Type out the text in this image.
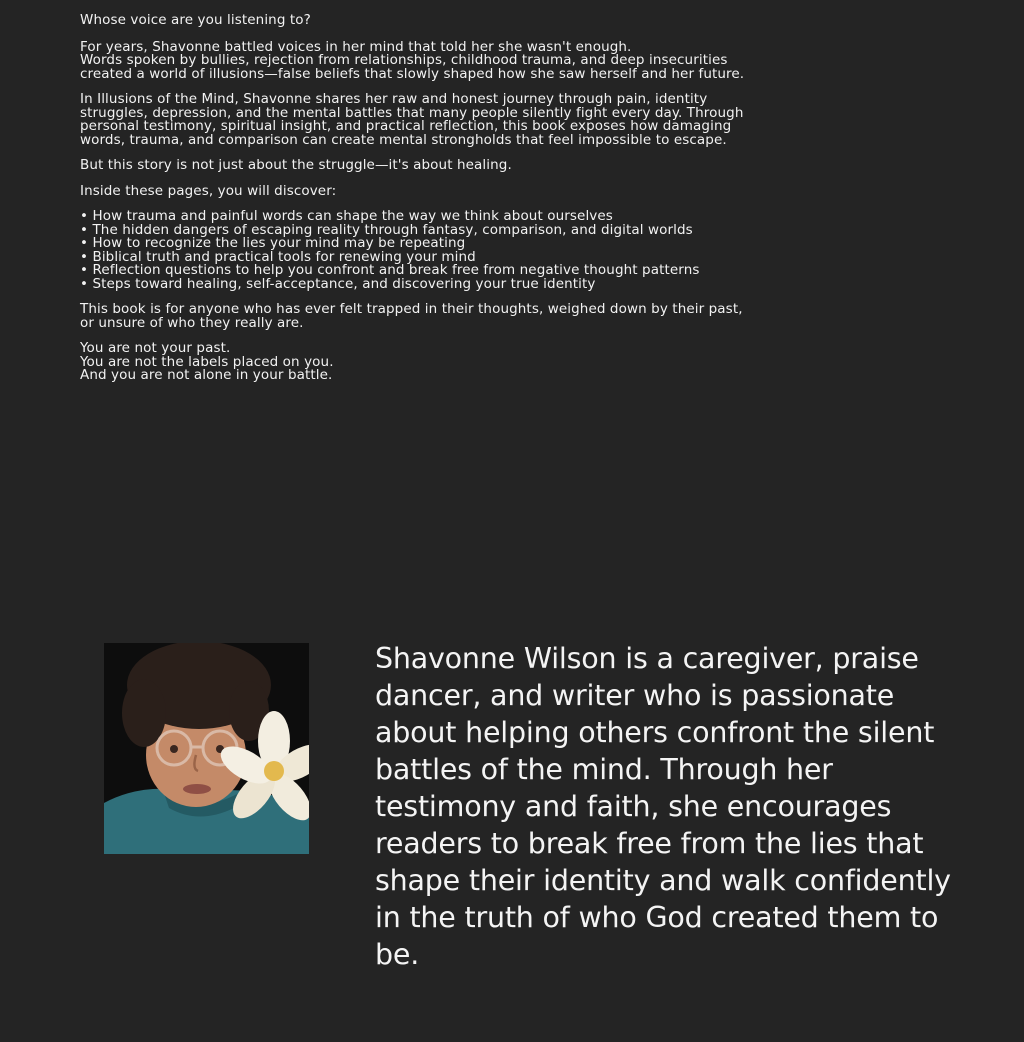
Whose voice are you listening to?

For years, Shavonne battled voices in her mind that told her she wasn't enough.
Words spoken by bullies, rejection from relationships, childhood trauma, and deep insecurities
created a world of illusions—false beliefs that slowly shaped how she saw herself and her future.

In Illusions of the Mind, Shavonne shares her raw and honest journey through pain, identity
struggles, depression, and the mental battles that many people silently fight every day. Through
personal testimony, spiritual insight, and practical reflection, this book exposes how damaging
words, trauma, and comparison can create mental strongholds that feel impossible to escape.

But this story is not just about the struggle—it's about healing.

Inside these pages, you will discover:

• How trauma and painful words can shape the way we think about ourselves
• The hidden dangers of escaping reality through fantasy, comparison, and digital worlds
• How to recognize the lies your mind may be repeating
• Biblical truth and practical tools for renewing your mind
• Reflection questions to help you confront and break free from negative thought patterns
• Steps toward healing, self-acceptance, and discovering your true identity

This book is for anyone who has ever felt trapped in their thoughts, weighed down by their past,
or unsure of who they really are.

You are not your past.
You are not the labels placed on you.
And you are not alone in your battle.

Shavonne Wilson is a caregiver, praise dancer, and writer who is passionate about helping others confront the silent battles of the mind. Through her testimony and faith, she encourages readers to break free from the lies that shape their identity and walk confidently in the truth of who God created them to be.
